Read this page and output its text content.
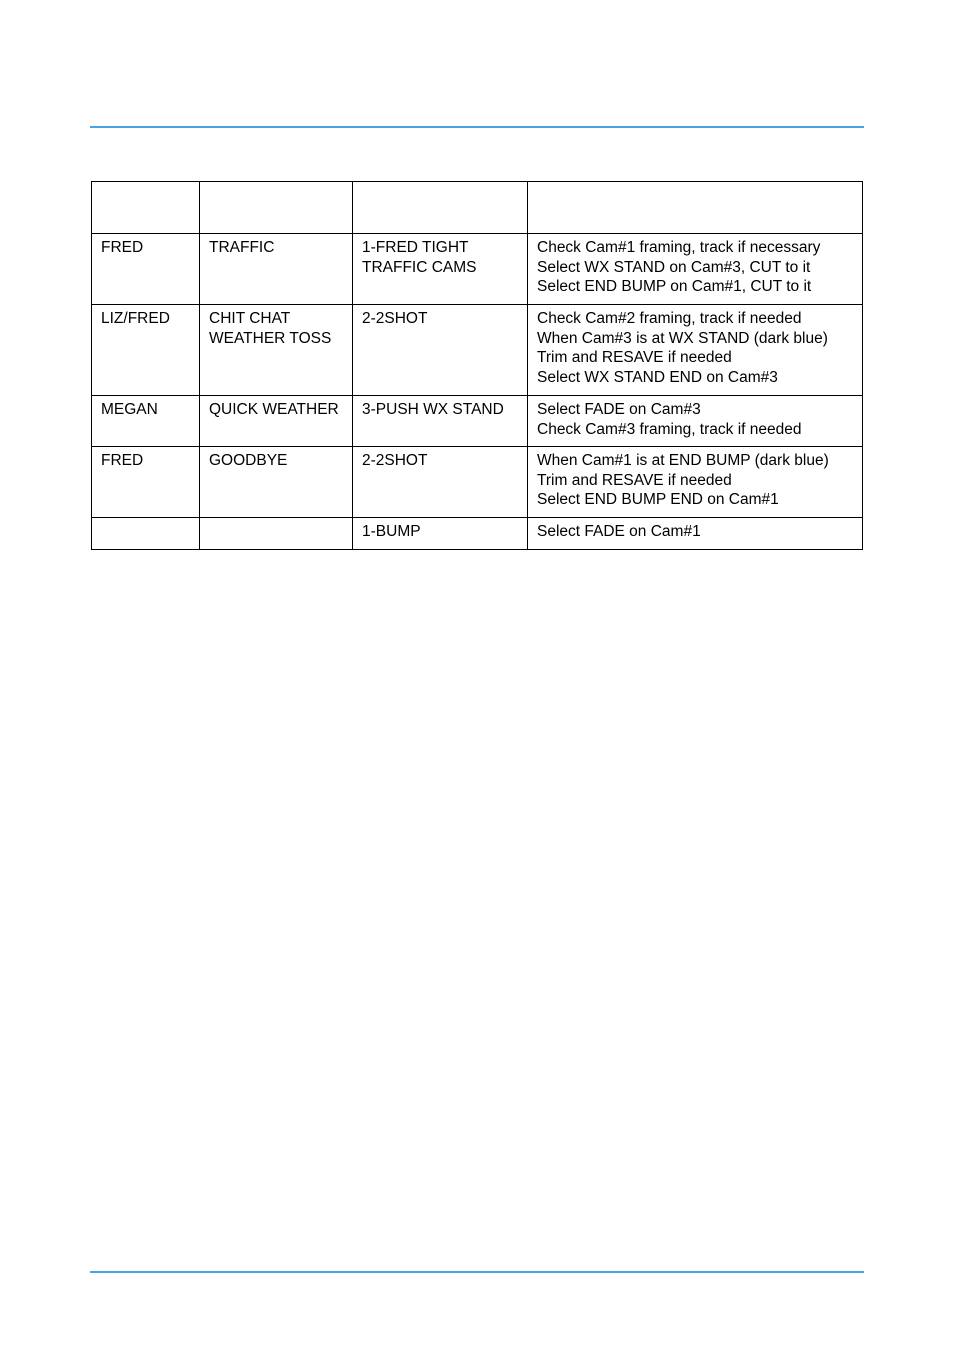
FRED	TRAFFIC	1-FRED TIGHT
TRAFFIC CAMS	Check Cam#1 framing, track if necessary
Select WX STAND on Cam#3, CUT to it
Select END BUMP on Cam#1, CUT to it
LIZ/FRED	CHIT CHAT
WEATHER TOSS	2-2SHOT	Check Cam#2 framing, track if needed
When Cam#3 is at WX STAND (dark blue)
Trim and RESAVE if needed
Select WX STAND END on Cam#3
MEGAN	QUICK WEATHER	3-PUSH WX STAND	Select FADE on Cam#3
Check Cam#3 framing, track if needed
FRED	GOODBYE	2-2SHOT	When Cam#1 is at END BUMP (dark blue)
Trim and RESAVE if needed
Select END BUMP END on Cam#1
		1-BUMP	Select FADE on Cam#1
